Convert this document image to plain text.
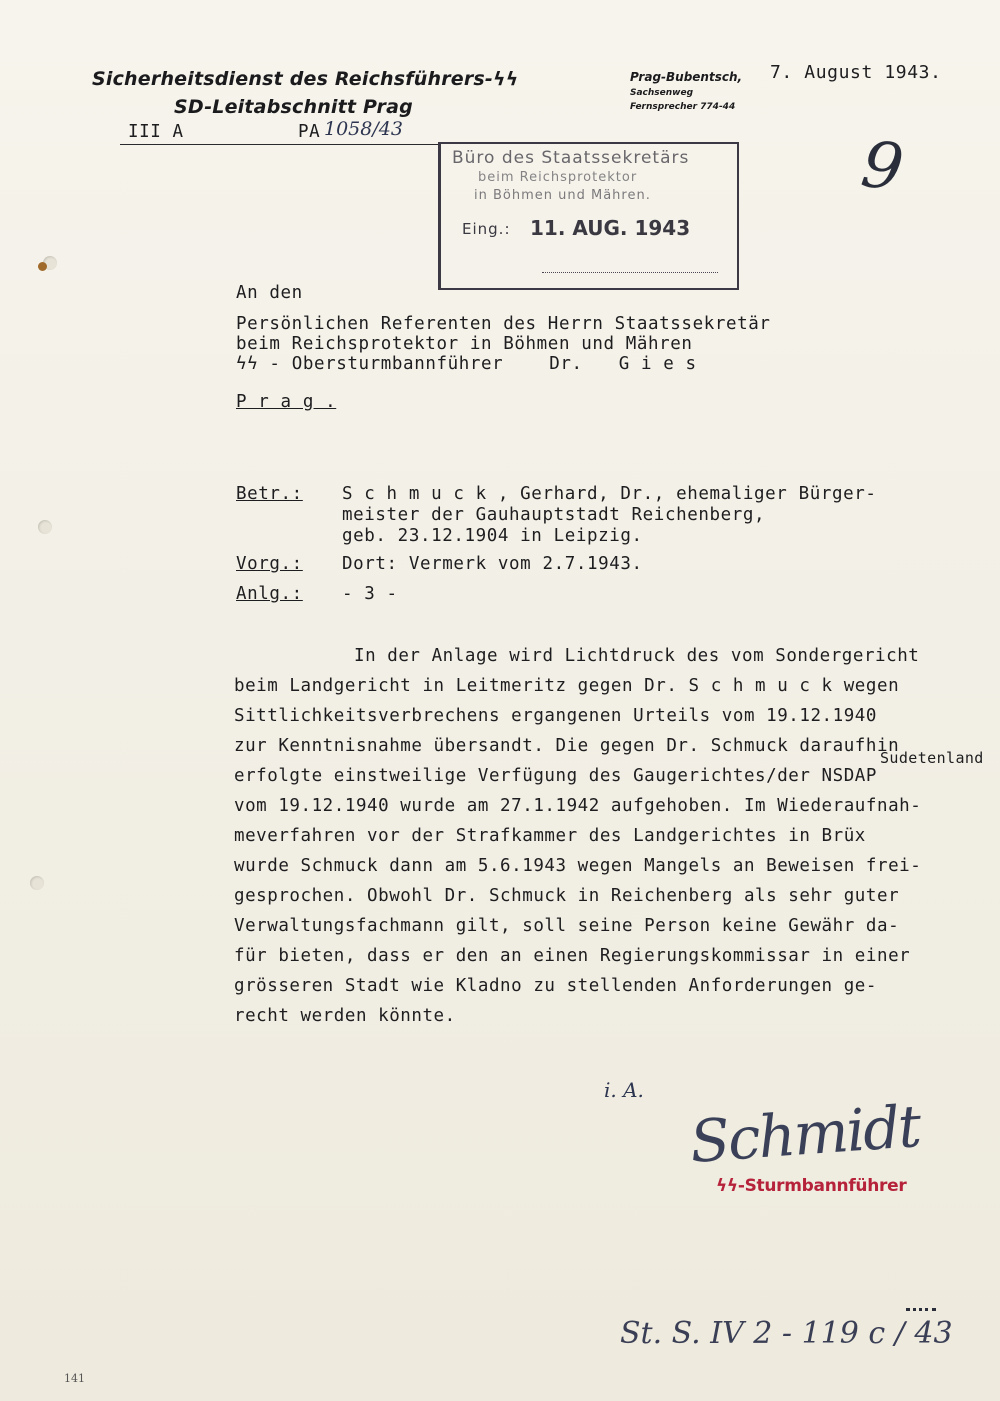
Sicherheitsdienst des Reichsführers-ϟϟ
SD-Leitabschnitt Prag
III A	PA 1058/43
Prag-Bubentsch,
Sachsenweg
Fernsprecher 774-44
7. August 1943.
9
Büro des Staatssekretärs
beim Reichsprotektor
in Böhmen und Mähren.
Eing.: 11. AUG. 1943
An den
Persönlichen Referenten des Herrn Staatssekretär
beim Reichsprotektor in Böhmen und Mähren
ϟϟ - Obersturmbannführer	Dr. G i e s
P r a g .
Betr.: S c h m u c k , Gerhard, Dr., ehemaliger Bürger-
meister der Gauhauptstadt Reichenberg,
geb. 23.12.1904 in Leipzig.
Vorg.: Dort: Vermerk vom 2.7.1943.
Anlg.: - 3 -
In der Anlage wird Lichtdruck des vom Sondergericht
beim Landgericht in Leitmeritz gegen Dr. S c h m u c k wegen
Sittlichkeitsverbrechens ergangenen Urteils vom 19.12.1940
zur Kenntnisnahme übersandt. Die gegen Dr. Schmuck daraufhin
Sudetenland
erfolgte einstweilige Verfügung des Gaugerichtes/der NSDAP
vom 19.12.1940 wurde am 27.1.1942 aufgehoben. Im Wiederaufnah-
meverfahren vor der Strafkammer des Landgerichtes in Brüx
wurde Schmuck dann am 5.6.1943 wegen Mangels an Beweisen frei-
gesprochen. Obwohl Dr. Schmuck in Reichenberg als sehr guter
Verwaltungsfachmann gilt, soll seine Person keine Gewähr da-
für bieten, dass er den an einen Regierungskommissar in einer
grösseren Stadt wie Kladno zu stellenden Anforderungen ge-
recht werden könnte.
i. A.
Schmidt
ϟϟ-Sturmbannführer
St. S. IV 2 - 119 c / 43
141
